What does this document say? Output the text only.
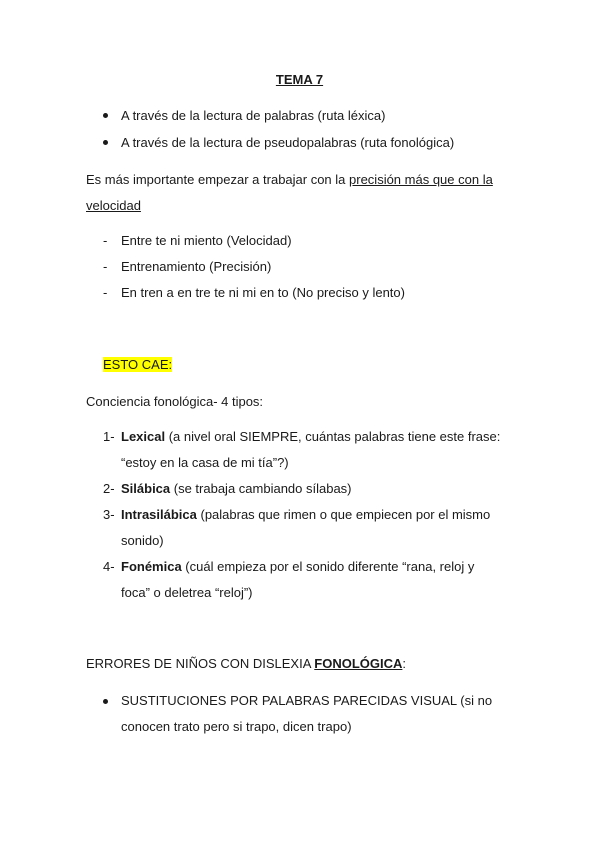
TEMA 7
A través de la lectura de palabras (ruta léxica)
A través de la lectura de pseudopalabras (ruta fonológica)
Es más importante empezar a trabajar con la precisión más que con la
velocidad
- Entre te ni miento (Velocidad)
- Entrenamiento (Precisión)
- En tren a en tre te ni mi en to (No preciso y lento)
ESTO CAE:
Conciencia fonológica- 4 tipos:
1- Lexical (a nivel oral SIEMPRE, cuántas palabras tiene este frase:
“estoy en la casa de mi tía”?)
2- Silábica (se trabaja cambiando sílabas)
3- Intrasilábica (palabras que rimen o que empiecen por el mismo
sonido)
4- Fonémica (cuál empieza por el sonido diferente “rana, reloj y
foca” o deletrea “reloj”)
ERRORES DE NIÑOS CON DISLEXIA FONOLÓGICA:
SUSTITUCIONES POR PALABRAS PARECIDAS VISUAL (si no
conocen trato pero si trapo, dicen trapo)
